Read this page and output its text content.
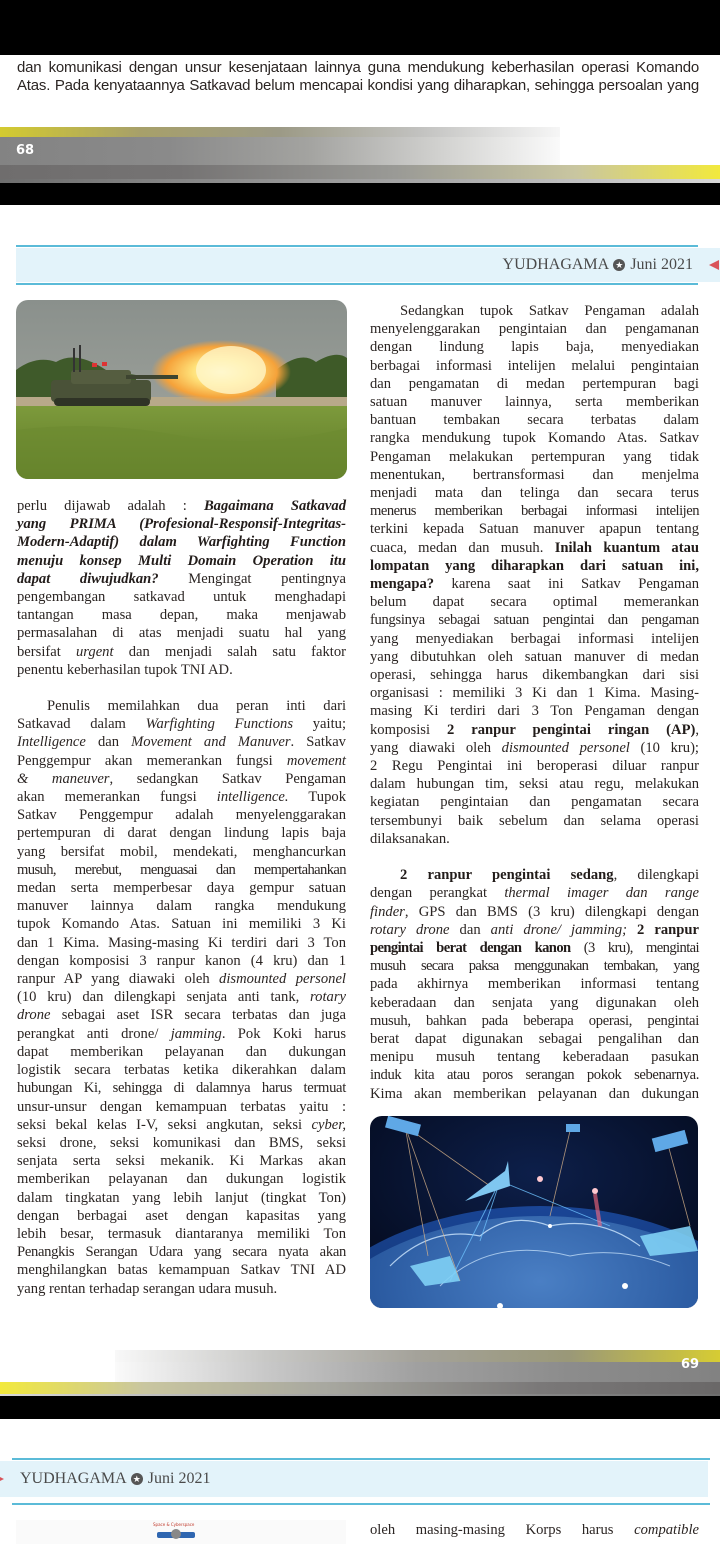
dan komunikasi dengan unsur kesenjataan lainnya guna mendukung keberhasilan operasi Komando
Atas. Pada kenyataannya Satkavad belum mencapai kondisi yang diharapkan, sehingga persoalan yang
68
YUDHAGAMA ★ Juni 2021
perlu dijawab adalah : Bagaimana Satkavad
yang PRIMA (Profesional-Responsif-Integritas-
Modern-Adaptif) dalam Warfighting Function
menuju konsep Multi Domain Operation itu
dapat diwujudkan? Mengingat pentingnya
pengembangan satkavad untuk menghadapi
tantangan masa depan, maka menjawab
permasalahan di atas menjadi suatu hal yang
bersifat urgent dan menjadi salah satu faktor
penentu keberhasilan tupok TNI AD.
Penulis memilahkan dua peran inti dari
Satkavad dalam Warfighting Functions yaitu;
Intelligence dan Movement and Manuver. Satkav
Penggempur akan memerankan fungsi movement
& maneuver, sedangkan Satkav Pengaman
akan memerankan fungsi intelligence. Tupok
Satkav Penggempur adalah menyelenggarakan
pertempuran di darat dengan lindung lapis baja
yang bersifat mobil, mendekati, menghancurkan
musuh, merebut, menguasai dan mempertahankan
medan serta memperbesar daya gempur satuan
manuver lainnya dalam rangka mendukung
tupok Komando Atas. Satuan ini memiliki 3 Ki
dan 1 Kima. Masing-masing Ki terdiri dari 3 Ton
dengan komposisi 3 ranpur kanon (4 kru) dan 1
ranpur AP yang diawaki oleh dismounted personel
(10 kru) dan dilengkapi senjata anti tank, rotary
drone sebagai aset ISR secara terbatas dan juga
perangkat anti drone/ jamming. Pok Koki harus
dapat memberikan pelayanan dan dukungan
logistik secara terbatas ketika dikerahkan dalam
hubungan Ki, sehingga di dalamnya harus termuat
unsur-unsur dengan kemampuan terbatas yaitu :
seksi bekal kelas I-V, seksi angkutan, seksi cyber,
seksi drone, seksi komunikasi dan BMS, seksi
senjata serta seksi mekanik. Ki Markas akan
memberikan pelayanan dan dukungan logistik
dalam tingkatan yang lebih lanjut (tingkat Ton)
dengan berbagai aset dengan kapasitas yang
lebih besar, termasuk diantaranya memiliki Ton
Penangkis Serangan Udara yang secara nyata akan
menghilangkan batas kemampuan Satkav TNI AD
yang rentan terhadap serangan udara musuh.
Sedangkan tupok Satkav Pengaman adalah
menyelenggarakan pengintaian dan pengamanan
dengan lindung lapis baja, menyediakan
berbagai informasi intelijen melalui pengintaian
dan pengamatan di medan pertempuran bagi
satuan manuver lainnya, serta memberikan
bantuan tembakan secara terbatas dalam
rangka mendukung tupok Komando Atas. Satkav
Pengaman melakukan pertempuran yang tidak
menentukan, bertransformasi dan menjelma
menjadi mata dan telinga dan secara terus
menerus memberikan berbagai informasi intelijen
terkini kepada Satuan manuver apapun tentang
cuaca, medan dan musuh. Inilah kuantum atau
lompatan yang diharapkan dari satuan ini,
mengapa? karena saat ini Satkav Pengaman
belum dapat secara optimal memerankan
fungsinya sebagai satuan pengintai dan pengaman
yang menyediakan berbagai informasi intelijen
yang dibutuhkan oleh satuan manuver di medan
operasi, sehingga harus dikembangkan dari sisi
organisasi : memiliki 3 Ki dan 1 Kima. Masing-
masing Ki terdiri dari 3 Ton Pengaman dengan
komposisi 2 ranpur pengintai ringan (AP),
yang diawaki oleh dismounted personel (10 kru);
2 Regu Pengintai ini beroperasi diluar ranpur
dalam hubungan tim, seksi atau regu, melakukan
kegiatan pengintaian dan pengamatan secara
tersembunyi baik sebelum dan selama operasi
dilaksanakan.
2 ranpur pengintai sedang, dilengkapi
dengan perangkat thermal imager dan range
finder, GPS dan BMS (3 kru) dilengkapi dengan
rotary drone dan anti drone/ jamming; 2 ranpur
pengintai berat dengan kanon (3 kru), mengintai
musuh secara paksa menggunakan tembakan, yang
pada akhirnya memberikan informasi tentang
keberadaan dan senjata yang digunakan oleh
musuh, bahkan pada beberapa operasi, pengintai
berat dapat digunakan sebagai pengalihan dan
menipu musuh tentang keberadaan pasukan
induk kita atau poros serangan pokok sebenarnya.
Kima akan memberikan pelayanan dan dukungan
69
YUDHAGAMA ★ Juni 2021
Space & Cyberspace	oleh masing-masing Korps harus compatible
